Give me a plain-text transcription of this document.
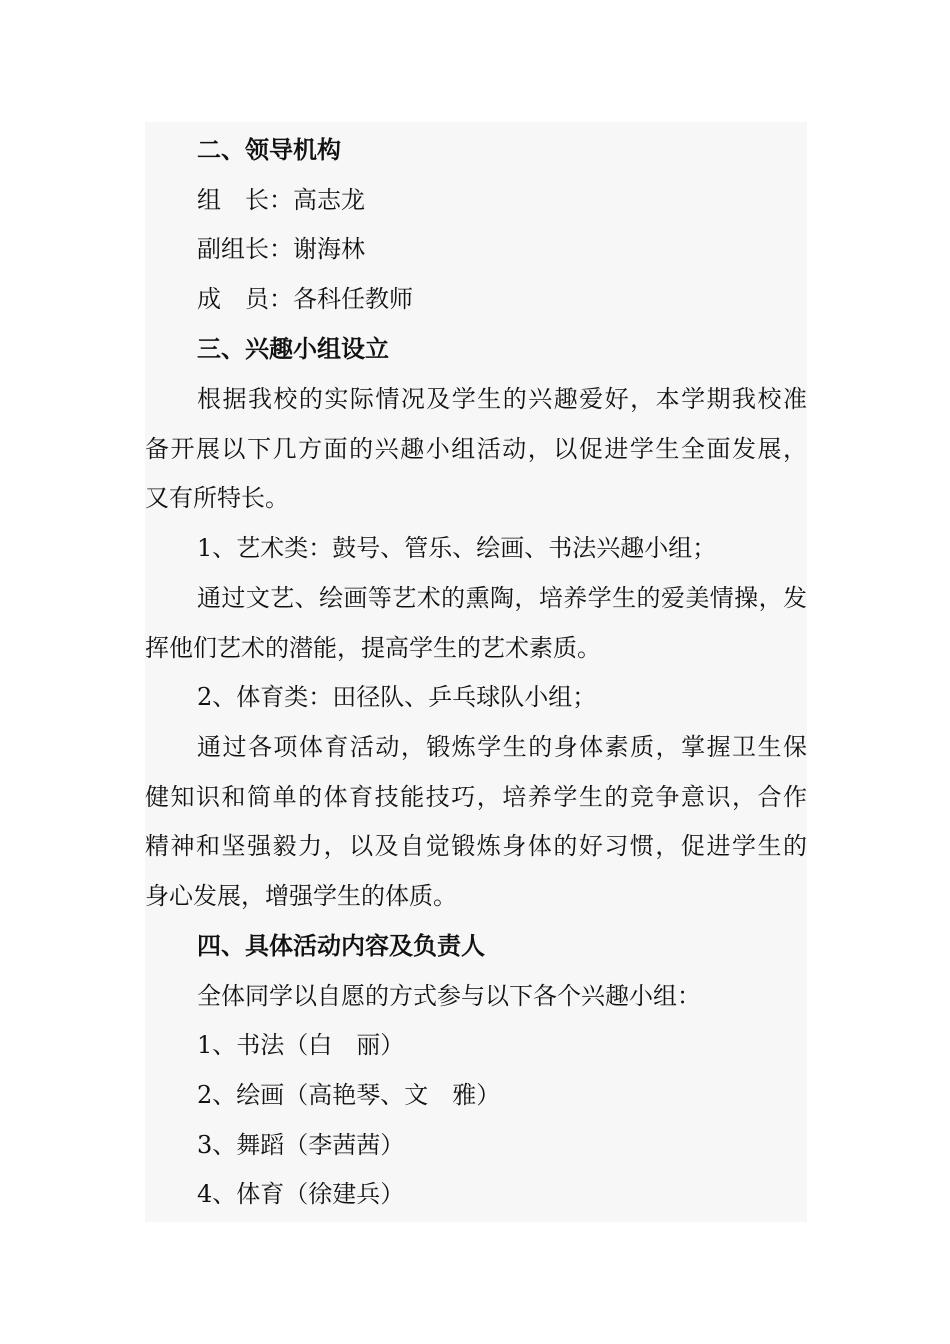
二、领导机构
组　长：高志龙
副组长：谢海林
成　员：各科任教师
三、兴趣小组设立
根据我校的实际情况及学生的兴趣爱好，本学期我校准
备开展以下几方面的兴趣小组活动，以促进学生全面发展，
又有所特长。
1、艺术类：鼓号、管乐、绘画、书法兴趣小组；
通过文艺、绘画等艺术的熏陶，培养学生的爱美情操，发
挥他们艺术的潜能，提高学生的艺术素质。
2、体育类：田径队、乒乓球队小组；
通过各项体育活动，锻炼学生的身体素质，掌握卫生保
健知识和简单的体育技能技巧，培养学生的竞争意识，合作
精神和坚强毅力，以及自觉锻炼身体的好习惯，促进学生的
身心发展，增强学生的体质。
四、具体活动内容及负责人
全体同学以自愿的方式参与以下各个兴趣小组：
1、书法（白　丽）
2、绘画（高艳琴、文　雅）
3、舞蹈（李茜茜）
4、体育（徐建兵）
